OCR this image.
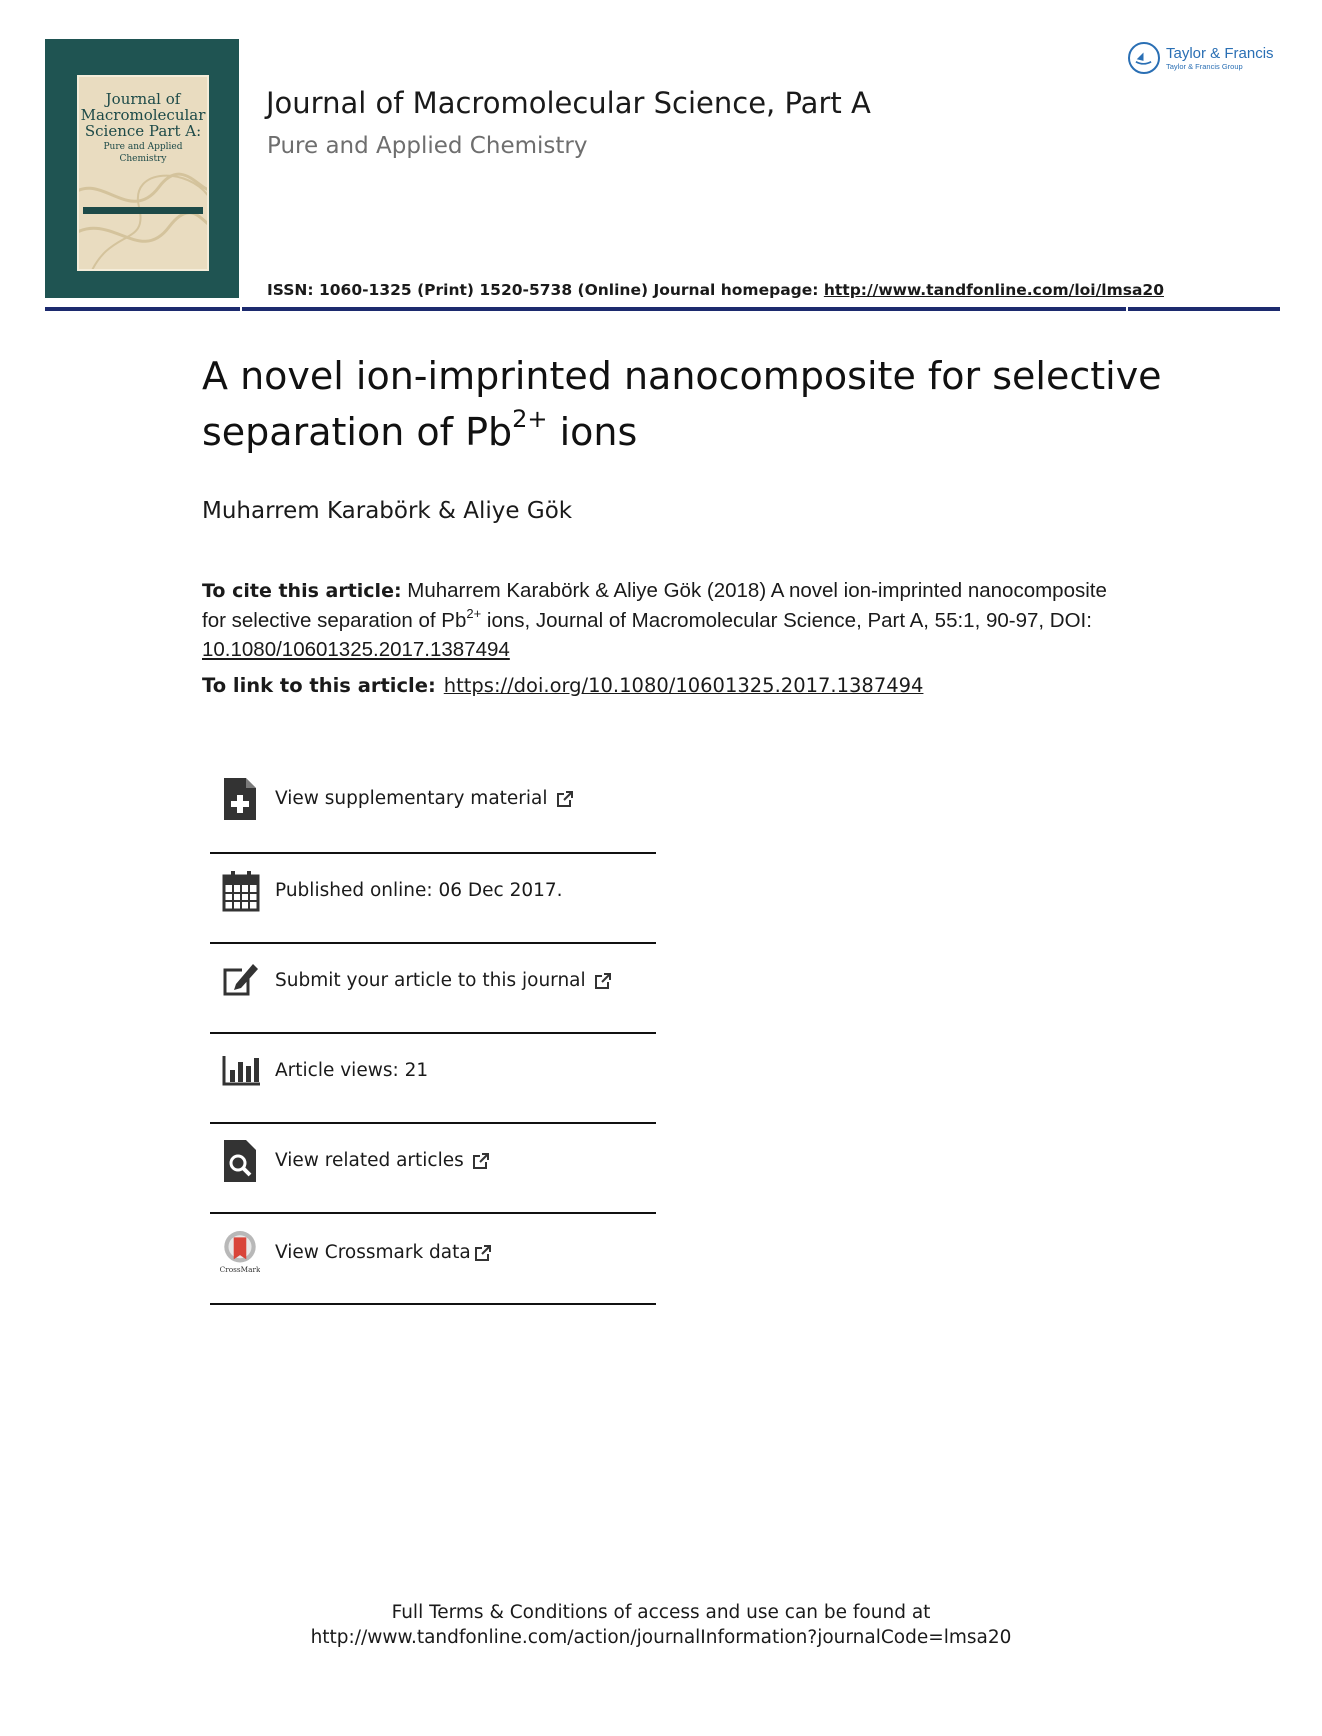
Journal of
Macromolecular
Science Part A:
Pure and Applied Chemistry
Journal of Macromolecular Science, Part A
Pure and Applied Chemistry
ISSN: 1060-1325 (Print) 1520-5738 (Online) Journal homepage: http://www.tandfonline.com/loi/lmsa20
Taylor & Francis
Taylor & Francis Group
A novel ion-imprinted nanocomposite for selective
separation of $Pb^{2+}$ ions
Muharrem Karabörk & Aliye Gök
To cite this article: Muharrem Karabörk & Aliye Gök (2018) A novel ion-imprinted nanocomposite for selective separation of $Pb^{2+}$ ions, Journal of Macromolecular Science, Part A, 55:1, 90-97, DOI: 10.1080/10601325.2017.1387494
To link to this article: https://doi.org/10.1080/10601325.2017.1387494
View supplementary material
Published online: 06 Dec 2017.
Submit your article to this journal
Article views: 21
View related articles
CrossMark
View Crossmark data
Full Terms & Conditions of access and use can be found at
http://www.tandfonline.com/action/journalInformation?journalCode=lmsa20
